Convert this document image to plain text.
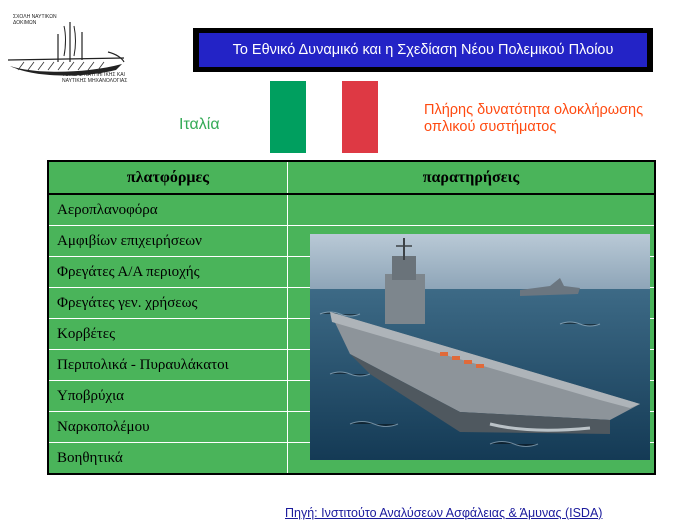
ΣΧΟΛΗ ΝΑΥΤΙΚΩΝ
ΔΟΚΙΜΩΝ
ΤΟΜΕΑΣ ΝΑΥΠΗΓΙΚΗΣ ΚΑΙ
ΝΑΥΤΙΚΗΣ ΜΗΧΑΝΟΛΟΓΙΑΣ
Το Εθνικό Δυναμικό και η Σχεδίαση Νέου Πολεμικού Πλοίου
Ιταλία
Πλήρης δυνατότητα ολοκλήρωσης οπλικού συστήματος
πλατφόρμες	παρατηρήσεις
Αεροπλανοφόρα	
Αμφιβίων επιχειρήσεων	
Φρεγάτες Α/Α περιοχής	
Φρεγάτες γεν. χρήσεως	
Κορβέτες	
Περιπολικά - Πυραυλάκατοι	
Υποβρύχια	
Ναρκοπολέμου	
Βοηθητικά	
Πηγή: Ινστιτούτο Αναλύσεων Ασφάλειας & Άμυνας (ISDA)
